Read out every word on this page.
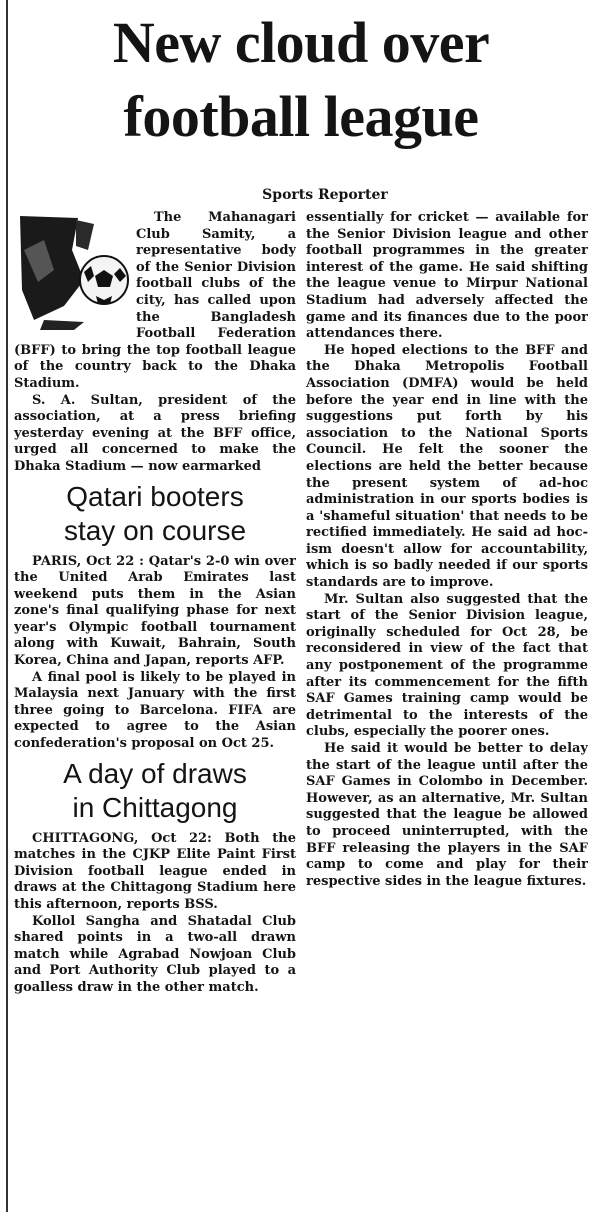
New cloud over
football league
Sports Reporter

The Mahanagari Club Samity, a representative body of the Senior Division football clubs of the city, has called upon the Bangladesh Football Federation (BFF) to bring the top football league of the country back to the Dhaka Stadium.

S. A. Sultan, president of the association, at a press briefing yesterday evening at the BFF office, urged all concerned to make the Dhaka Stadium — now earmarked

Qatari booters
stay on course

PARIS, Oct 22 : Qatar's 2-0 win over the United Arab Emirates last weekend puts them in the Asian zone's final qualifying phase for next year's Olympic football tournament along with Kuwait, Bahrain, South Korea, China and Japan, reports AFP.

A final pool is likely to be played in Malaysia next January with the first three going to Barcelona. FIFA are expected to agree to the Asian confederation's proposal on Oct 25.

A day of draws
in Chittagong

CHITTAGONG, Oct 22: Both the matches in the CJKP Elite Paint First Division football league ended in draws at the Chittagong Stadium here this afternoon, reports BSS.

Kollol Sangha and Shatadal Club shared points in a two-all drawn match while Agrabad Nowjoan Club and Port Authority Club played to a goalless draw in the other match.

essentially for cricket — available for the Senior Division league and other football programmes in the greater interest of the game. He said shifting the league venue to Mirpur National Stadium had adversely affected the game and its finances due to the poor attendances there.

He hoped elections to the BFF and the Dhaka Metropolis Football Association (DMFA) would be held before the year end in line with the suggestions put forth by his association to the National Sports Council. He felt the sooner the elections are held the better because the present system of ad-hoc administration in our sports bodies is a 'shameful situation' that needs to be rectified immediately. He said ad hoc-ism doesn't allow for accountability, which is so badly needed if our sports standards are to improve.

Mr. Sultan also suggested that the start of the Senior Division league, originally scheduled for Oct 28, be reconsidered in view of the fact that any postponement of the programme after its commencement for the fifth SAF Games training camp would be detrimental to the interests of the clubs, especially the poorer ones.

He said it would be better to delay the start of the league until after the SAF Games in Colombo in December. However, as an alternative, Mr. Sultan suggested that the league be allowed to proceed uninterrupted, with the BFF releasing the players in the SAF camp to come and play for their respective sides in the league fixtures.
